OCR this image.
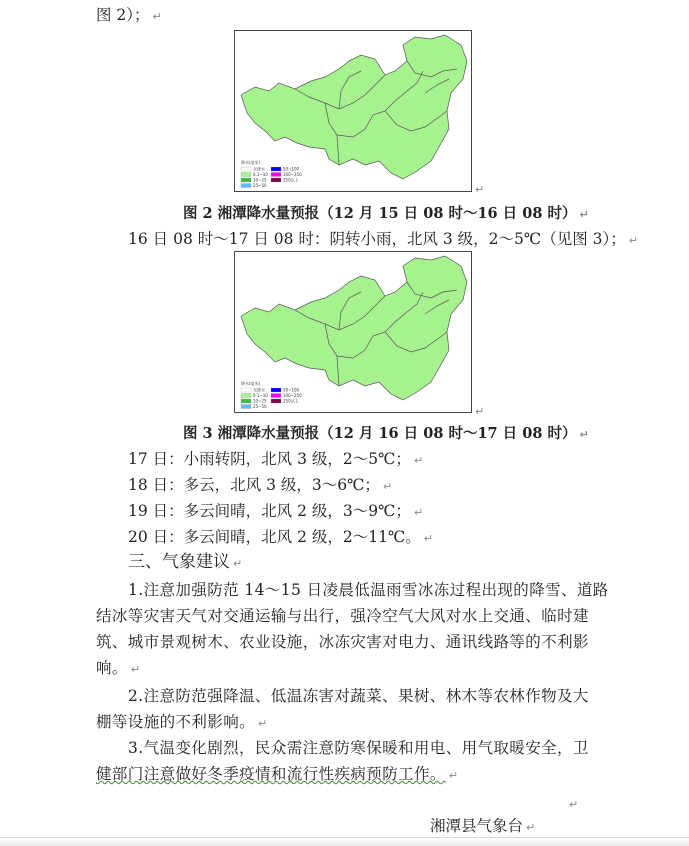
图 2）； ↵
降水(毫米)
无降水
0.1~10
10~25
25~50
50~100
100~250
250以上
↵
图 2 湘潭降水量预报（12 月 15 日 08 时～16 日 08 时） ↵
16 日 08 时～17 日 08 时：阴转小雨，北风 3 级，2～5℃（见图 3）； ↵
降水(毫米)
无降水
0.1~10
10~25
25~50
50~100
100~250
250以上
↵
图 3 湘潭降水量预报（12 月 16 日 08 时～17 日 08 时） ↵
17 日：小雨转阴，北风 3 级，2～5℃； ↵
18 日：多云，北风 3 级，3～6℃； ↵
19 日：多云间晴，北风 2 级，3～9℃； ↵
20 日：多云间晴，北风 2 级，2～11℃。 ↵
三、气象建议 ↵
1.注意加强防范 14～15 日凌晨低温雨雪冰冻过程出现的降雪、道路
结冰等灾害天气对交通运输与出行，强冷空气大风对水上交通、临时建
筑、城市景观树木、农业设施，冰冻灾害对电力、通讯线路等的不利影
响。 ↵
2.注意防范强降温、低温冻害对蔬菜、果树、林木等农林作物及大
棚等设施的不利影响。 ↵
3.气温变化剧烈，民众需注意防寒保暖和用电、用气取暖安全，卫
健部门注意做好冬季疫情和流行性疾病预防工作。 ↵
↵
湘潭县气象台 ↵
